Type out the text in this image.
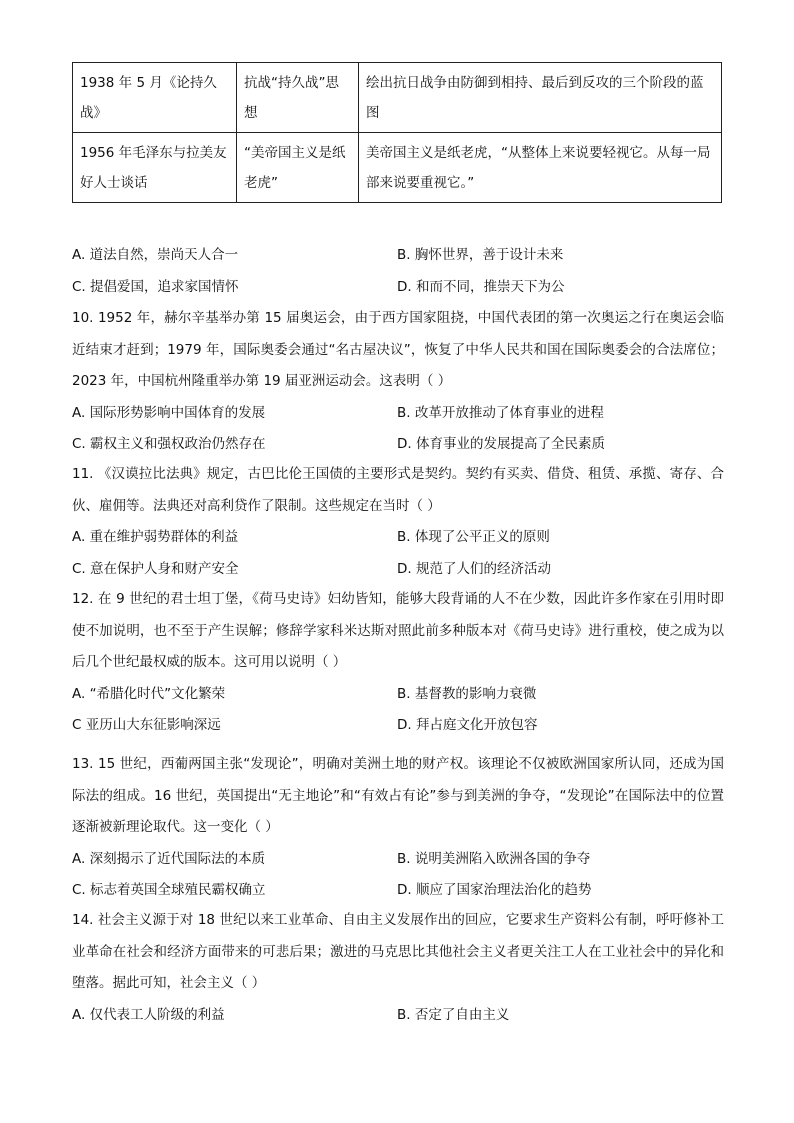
1938 年 5 月《论持久战》	抗战“持久战”思想	绘出抗日战争由防御到相持、最后到反攻的三个阶段的蓝图
1956 年毛泽东与拉美友好人士谈话	“美帝国主义是纸老虎”	美帝国主义是纸老虎，“从整体上来说要轻视它。从每一局部来说要重视它。”
A. 道法自然，崇尚天人合一	B. 胸怀世界，善于设计未来
C. 提倡爱国，追求家国情怀	D. 和而不同，推崇天下为公
10. 1952 年，赫尔辛基举办第 15 届奥运会，由于西方国家阻挠，中国代表团的第一次奥运之行在奥运会临近结束才赶到；1979 年，国际奥委会通过“名古屋决议”，恢复了中华人民共和国在国际奥委会的合法席位；2023 年，中国杭州隆重举办第 19 届亚洲运动会。这表明（ ）
A. 国际形势影响中国体育的发展	B. 改革开放推动了体育事业的进程
C. 霸权主义和强权政治仍然存在	D. 体育事业的发展提高了全民素质
11. 《汉谟拉比法典》规定，古巴比伦王国债的主要形式是契约。契约有买卖、借贷、租赁、承揽、寄存、合伙、雇佣等。法典还对高利贷作了限制。这些规定在当时（ ）
A. 重在维护弱势群体的利益	B. 体现了公平正义的原则
C. 意在保护人身和财产安全	D. 规范了人们的经济活动
12. 在 9 世纪的君士坦丁堡，《荷马史诗》妇幼皆知，能够大段背诵的人不在少数，因此许多作家在引用时即使不加说明，也不至于产生误解；修辞学家科米达斯对照此前多种版本对《荷马史诗》进行重校，使之成为以后几个世纪最权威的版本。这可用以说明（ ）
A. “希腊化时代”文化繁荣	B. 基督教的影响力衰微
C 亚历山大东征影响深远	D. 拜占庭文化开放包容
13. 15 世纪，西葡两国主张“发现论”，明确对美洲土地的财产权。该理论不仅被欧洲国家所认同，还成为国际法的组成。16 世纪，英国提出“无主地论”和“有效占有论”参与到美洲的争夺，“发现论”在国际法中的位置逐渐被新理论取代。这一变化（ ）
A. 深刻揭示了近代国际法的本质	B. 说明美洲陷入欧洲各国的争夺
C. 标志着英国全球殖民霸权确立	D. 顺应了国家治理法治化的趋势
14. 社会主义源于对 18 世纪以来工业革命、自由主义发展作出的回应，它要求生产资料公有制，呼吁修补工业革命在社会和经济方面带来的可悲后果；激进的马克思比其他社会主义者更关注工人在工业社会中的异化和堕落。据此可知，社会主义（ ）
A. 仅代表工人阶级的利益	B. 否定了自由主义
